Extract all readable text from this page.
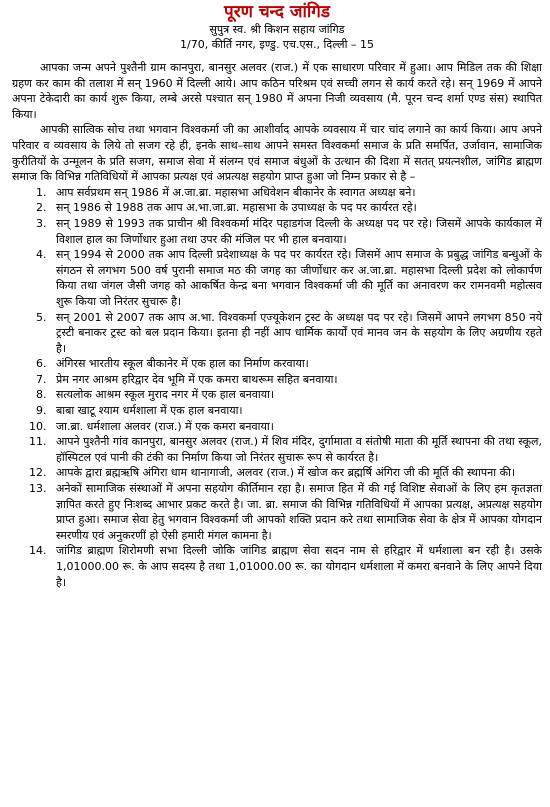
पूरण चन्द जांगिड
सुपुत्र स्व. श्री किशन सहाय जांगिड
1/70, कीर्ति नगर, इण्डु. एच.एस., दिल्ली – 15

आपका जन्म अपने पुश्तैनी ग्राम कानपुरा, बानसुर अलवर (राज.) में एक साधारण परिवार में हुआ। आप मिडिल तक की शिक्षा ग्रहण कर काम की तलाश में सन् 1960 में दिल्ली आये। आप कठिन परिश्रम एवं सच्ची लगन से कार्य करते रहे। सन् 1969 में आपने अपना टेकेदारी का कार्य शुरू किया, लम्बे अरसे पश्चात सन् 1980 में अपना निजी व्यवसाय (मै. पूरन चन्द शर्मा एण्ड संस) स्थापित किया।

आपकी सात्विक सोच तथा भगवान विश्वकर्मा जी का आशीर्वाद आपके व्यवसाय में चार चांद लगाने का कार्य किया। आप अपने परिवार व व्यवसाय के लिये तो सजग रहे ही, इनके साथ–साथ आपने समस्त विश्वकर्मा समाज के प्रति समर्पित, उर्जावान, सामाजिक कुरीतियों के उन्मूलन के प्रति सजग, समाज सेवा में संलग्न एवं समाज बंधुओं के उत्थान की दिशा में सतत् प्रयत्नशील, जांगिड ब्राह्मण समाज कि विभिन्न गतिविधियों में आपका प्रत्यक्ष एवं अप्रत्यक्ष सहयोग प्राप्त हुआ जो निम्न प्रकार से है –

1. आप सर्वप्रथम सन् 1986 में अ.जा.ब्रा. महासभा अधिवेशन बीकानेर के स्वागत अध्यक्ष बने।
2. सन् 1986 से 1988 तक आप अ.भा.जा.ब्रा. महासभा के उपाध्यक्ष के पद पर कार्यरत रहे।
3. सन् 1989 से 1993 तक प्राचीन श्री विश्वकर्मा मंदिर पहाडगंज दिल्ली के अध्यक्ष पद पर रहे। जिसमें आपके कार्यकाल में विशाल हाल का जिर्णोधार हुआ तथा उपर की मंजिल पर भी हाल बनवाया।
4. सन् 1994 से 2000 तक आप दिल्ली प्रदेशाध्यक्ष के पद पर कार्यरत रहे। जिसमें आप समाज के प्रबुद्ध जांगिड बन्धुओं के संगठन से लगभग 500 वर्ष पुरानी समाज मठ की जगह का जीर्णोधार कर अ.जा.ब्रा. महासभा दिल्ली प्रदेश को लोकार्पण किया तथा जंगल जैसी जगह को आकर्षित केन्द्र बना भगवान विश्वकर्मा जी की मूर्ति का अनावरण कर रामनवमी महोत्सव शुरू किया जो निरंतर सुचारू है।
5. सन् 2001 से 2007 तक आप अ.भा. विश्वकर्मा एज्यूकेशन ट्रस्ट के अध्यक्ष पद पर रहे। जिसमें आपने लगभग 850 नये ट्रस्टी बनाकर ट्रस्ट को बल प्रदान किया। इतना ही नहीं आप धार्मिक कार्यों एवं मानव जन के सहयोग के लिए अग्रणीय रहते है।
6. अंगिरस भारतीय स्कूल बीकानेर में एक हाल का निर्माण करवाया।
7. प्रेम नगर आश्रम हरिद्वार देव भूमि में एक कमरा बाथरूम सहित बनवाया।
8. सत्यलोक आश्रम स्कूल मुराद नगर में एक हाल बनवाया।
9. बाबा खाटू श्याम धर्मशाला में एक हाल बनवाया।
10. जा.ब्रा. धर्मशाला अलवर (राज.) में एक कमरा बनवाया।
11. आपने पुश्तैनी गांव कानपुरा, बानसुर अलवर (राज.) में शिव मंदिर, दुर्गामाता व संतोषी माता की मूर्ति स्थापना की तथा स्कूल, हॉस्पिटल एवं पानी की टंकी का निर्माण किया जो निरंतर सुचारू रूप से कार्यरत है।
12. आपके द्वारा ब्रह्मऋषि अंगिरा धाम थानागाजी, अलवर (राज.) में खोज कर ब्रह्मर्षि अंगिरा जी की मूर्ति की स्थापना की।
13. अनेकों सामाजिक संस्थाओं में अपना सहयोग कीर्तिमान रहा है। समाज हित में की गई विशिष्ट सेवाओं के लिए हम कृतज्ञता ज्ञापित करते हुए निःशब्द आभार प्रकट करते है। जा. ब्रा. समाज की विभिन्न गतिविधियों में आपका प्रत्यक्ष, अप्रत्यक्ष सहयोग प्राप्त हुआ। समाज सेवा हेतु भगवान विश्वकर्मा जी आपको शक्ति प्रदान करे तथा सामाजिक सेवा के क्षेत्र में आपका योगदान स्मरणीय एवं अनुकरणीं हो ऐसी हमारी मंगल कामना है।
14. जांगिड ब्राह्मण शिरोमणी सभा दिल्ली जोकि जांगिड ब्राह्मण सेवा सदन नाम से हरिद्वार में धर्मशाला बन रही है। उसके 1,01000.00 रू. के आप सदस्य है तथा 1,01000.00 रू. का योगदान धर्मशाला में कमरा बनवाने के लिए आपने दिया है।
